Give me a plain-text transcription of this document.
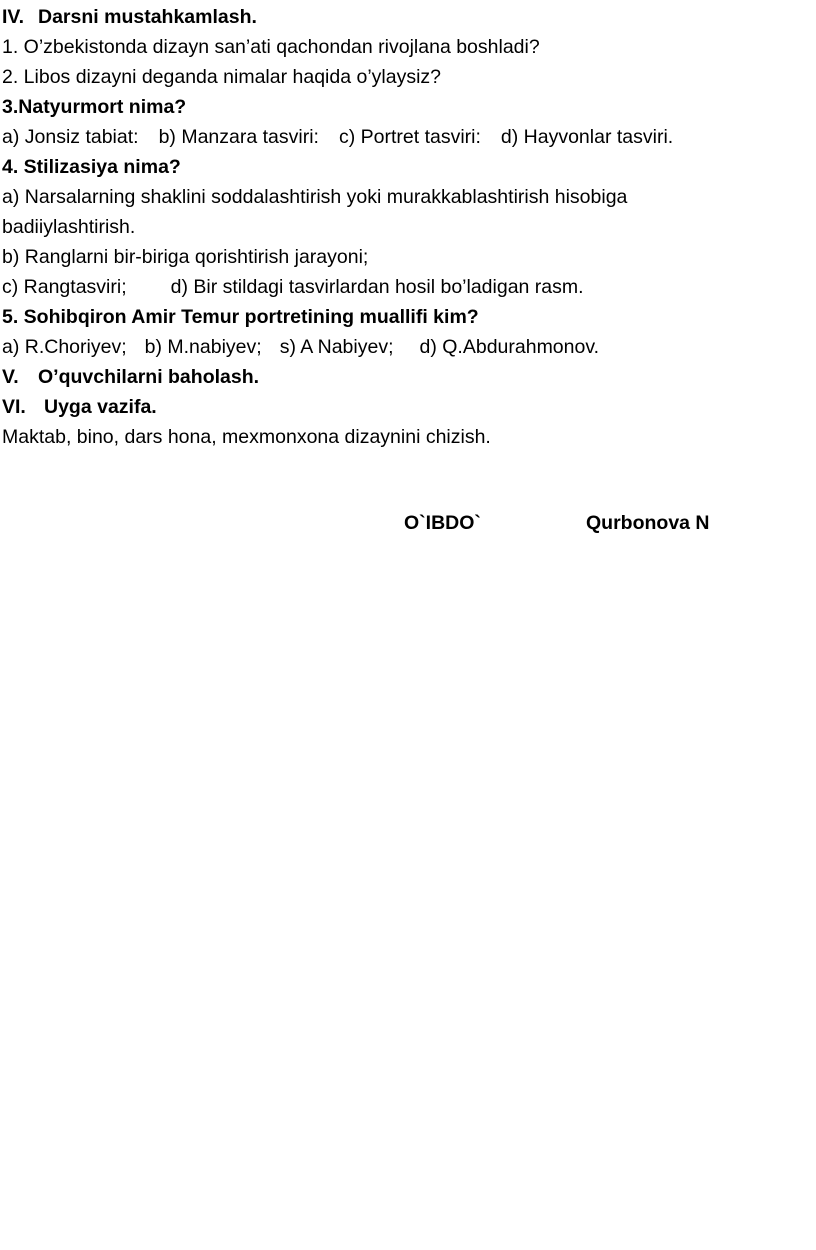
IV. Darsni mustahkamlash.
1. O’zbekistonda dizayn san’ati qachondan rivojlana boshladi?
2. Libos dizayni deganda nimalar haqida o’ylaysiz?
3.Natyurmort nima?
a) Jonsiz tabiat: b) Manzara tasviri: c) Portret tasviri: d) Hayvonlar tasviri.
4. Stilizasiya nima?
a) Narsalarning shaklini soddalashtirish yoki murakkablashtirish hisobiga
badiiylashtirish.
b) Ranglarni bir-biriga qorishtirish jarayoni;
c) Rangtasviri; d) Bir stildagi tasvirlardan hosil bo’ladigan rasm.
5. Sohibqiron Amir Temur portretining muallifi kim?
a) R.Choriyev; b) M.nabiyev; s) A Nabiyev; d) Q.Abdurahmonov.
V. O’quvchilarni baholash.
VI. Uyga vazifa.
Maktab, bino, dars hona, mexmonxona dizaynini chizish.
O`IBDO`	Qurbonova N
